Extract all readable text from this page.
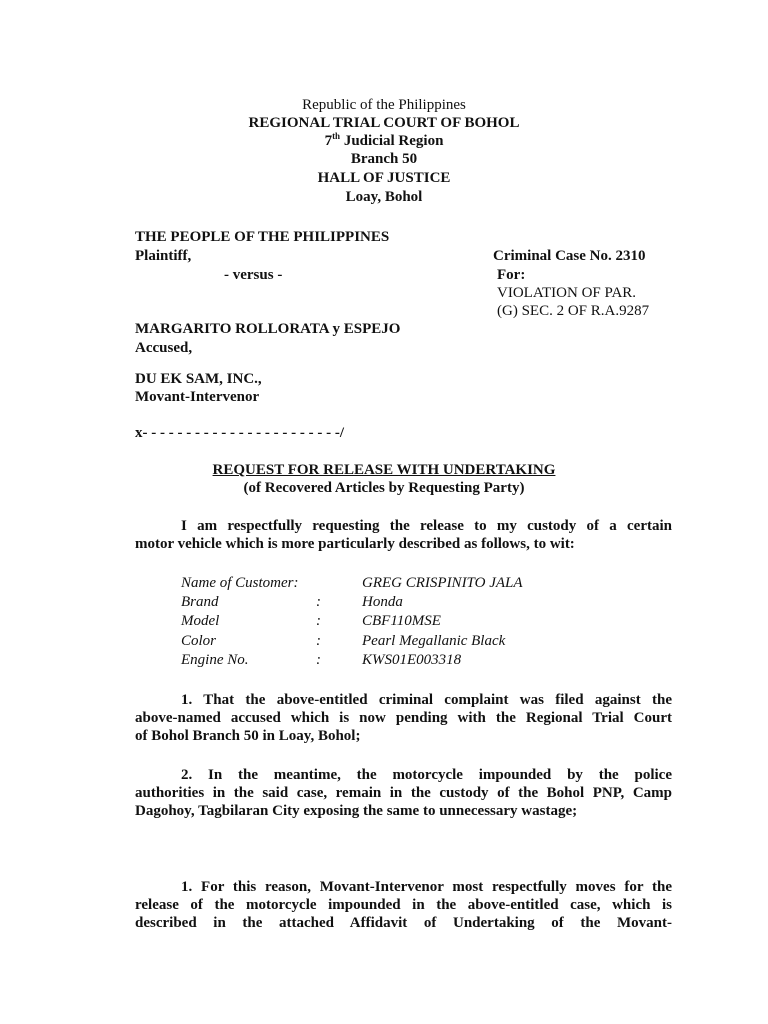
Republic of the Philippines
REGIONAL TRIAL COURT OF BOHOL
7th Judicial Region
Branch 50
HALL OF JUSTICE
Loay, Bohol
THE PEOPLE OF THE PHILIPPINES
Plaintiff,	Criminal Case No. 2310
- versus -	For:
VIOLATION OF PAR.
(G) SEC. 2 OF R.A.9287
MARGARITO ROLLORATA y ESPEJO
Accused,
DU EK SAM, INC.,
Movant-Intervenor
x- - - - - - - - - - - - - - - - - - - - - - -/
REQUEST FOR RELEASE WITH UNDERTAKING
(of Recovered Articles by Requesting Party)
I am respectfully requesting the release to my custody of a certain
motor vehicle which is more particularly described as follows, to wit:
Name of Customer:	GREG CRISPINITO JALA
Brand	:	Honda
Model	:	CBF110MSE
Color	:	Pearl Megallanic Black
Engine No.	:	KWS01E003318
1. That the above-entitled criminal complaint was filed against the
above-named accused which is now pending with the Regional Trial Court
of Bohol Branch 50 in Loay, Bohol;
2. In the meantime, the motorcycle impounded by the police
authorities in the said case, remain in the custody of the Bohol PNP, Camp
Dagohoy, Tagbilaran City exposing the same to unnecessary wastage;
1. For this reason, Movant-Intervenor most respectfully moves for the
release of the motorcycle impounded in the above-entitled case, which is
described in the attached Affidavit of Undertaking of the Movant-
